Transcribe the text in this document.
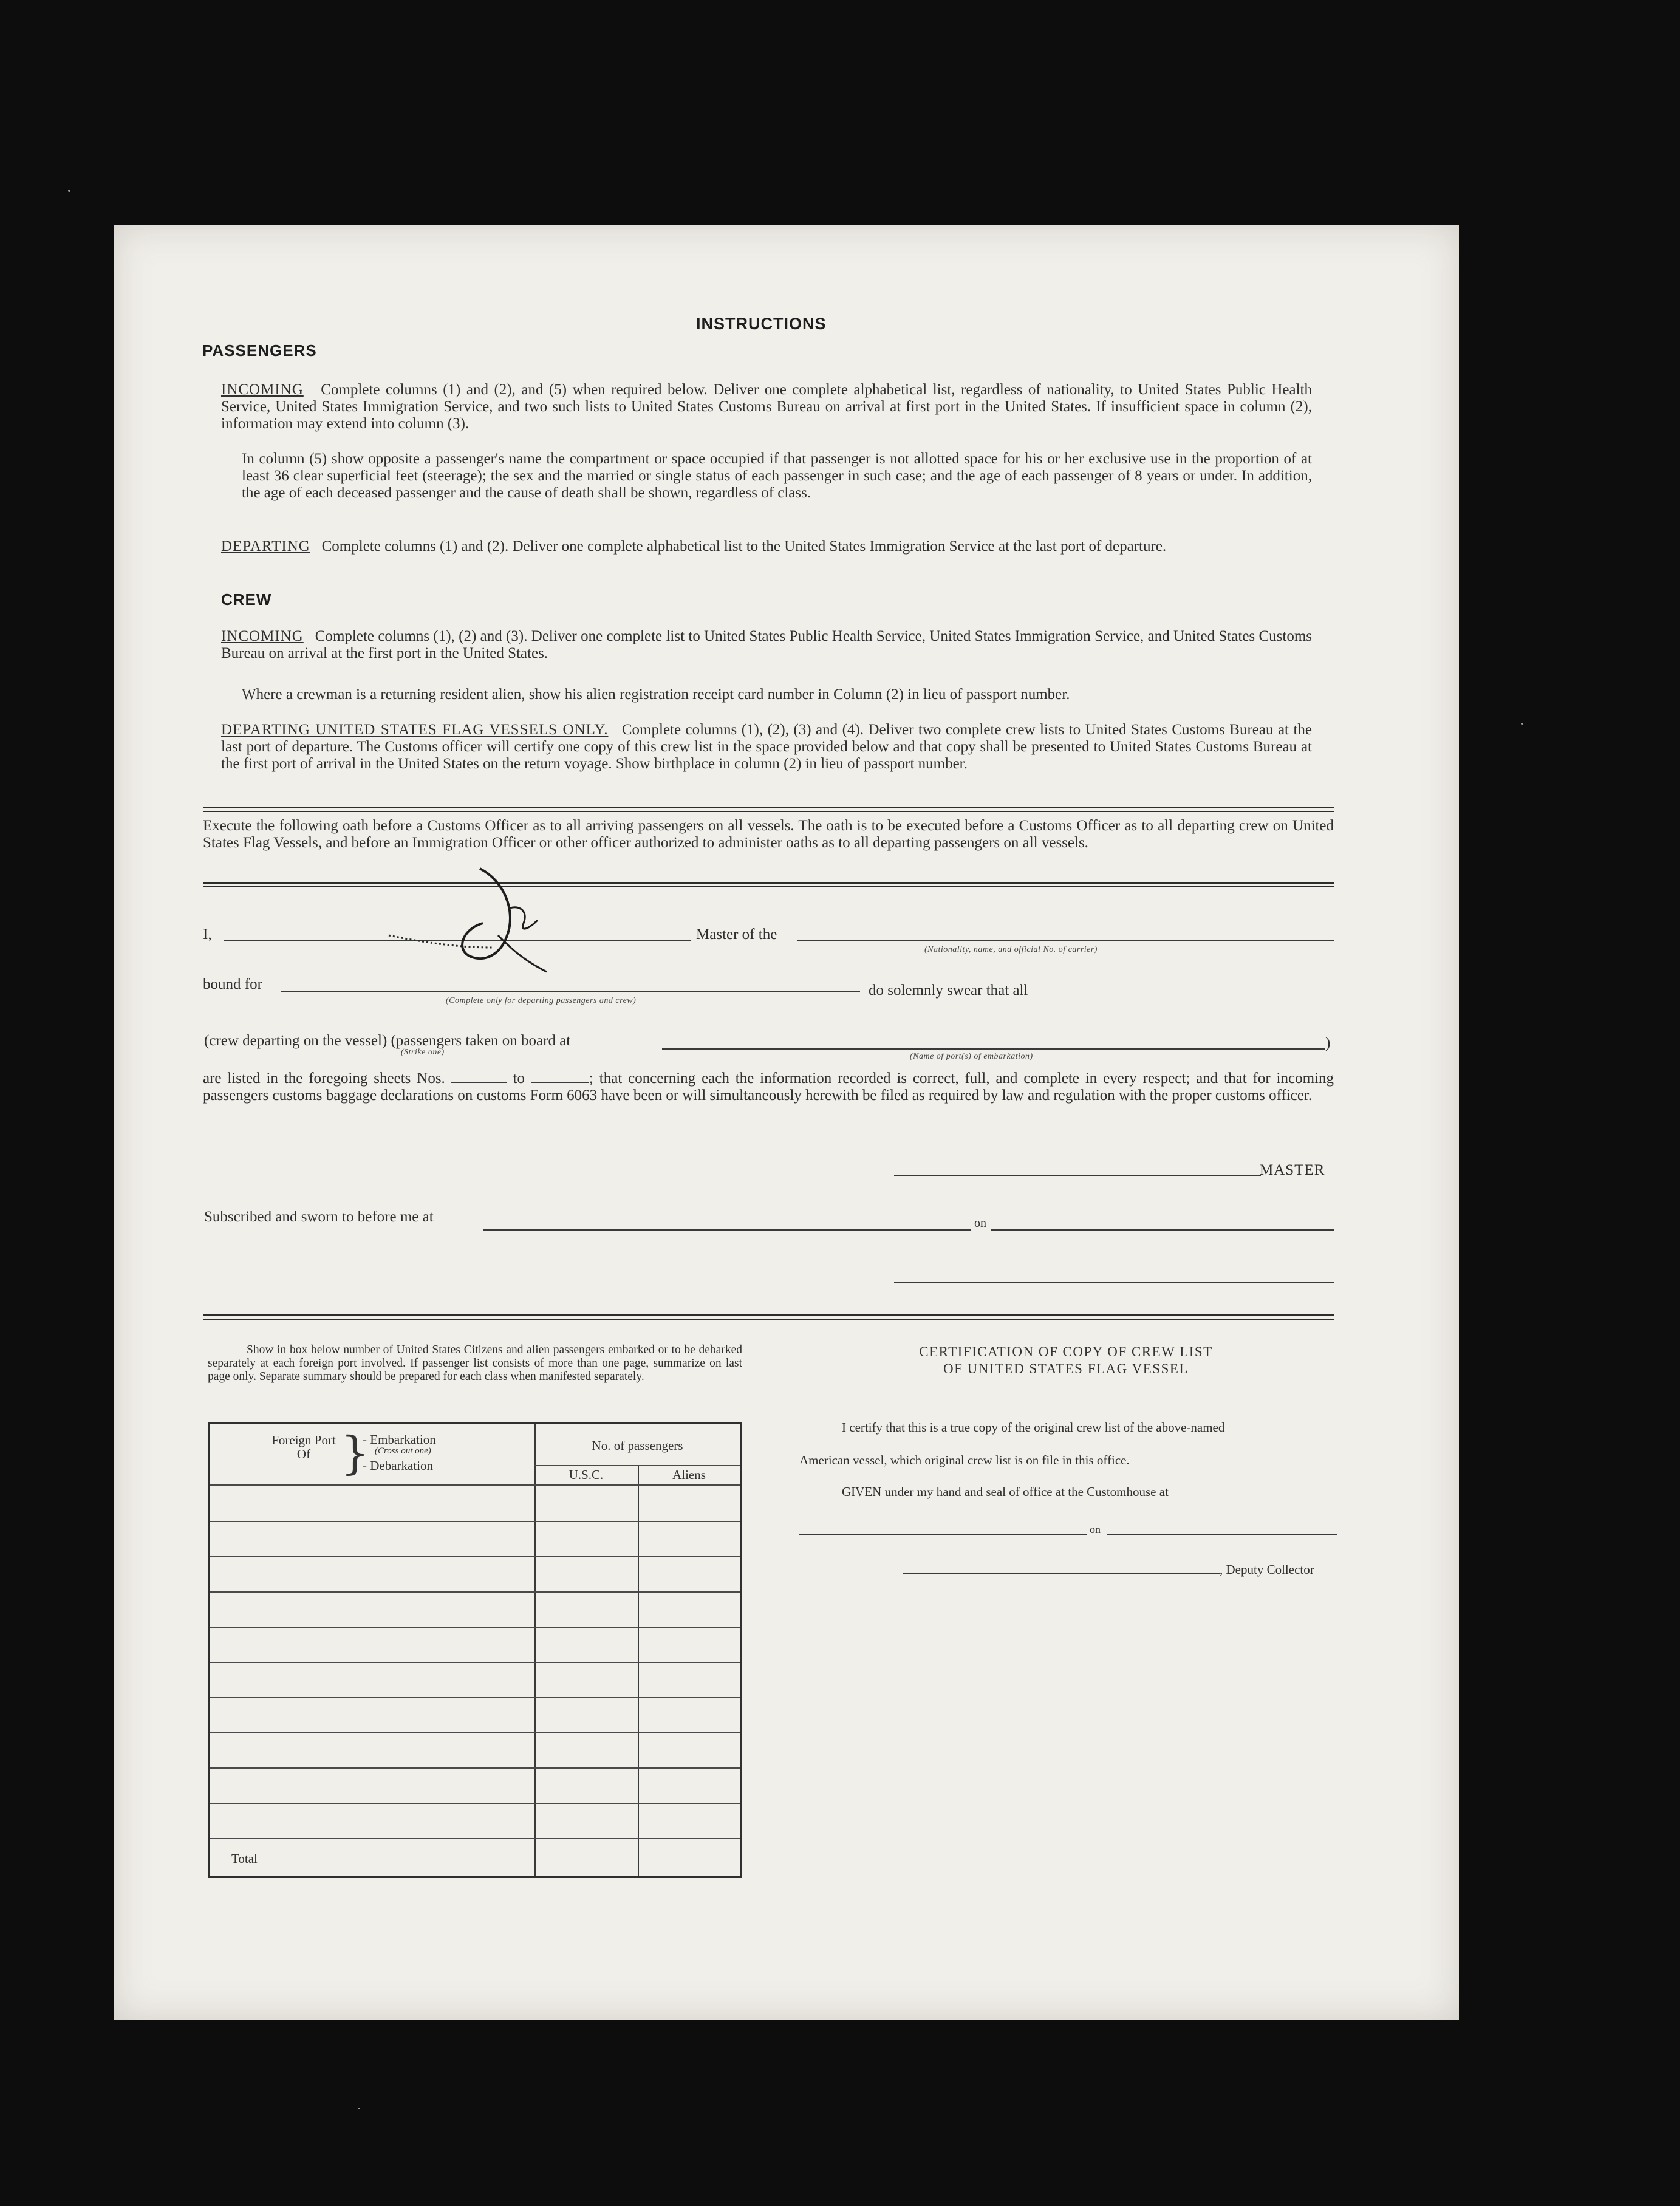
INSTRUCTIONS
PASSENGERS
INCOMING Complete columns (1) and (2), and (5) when required below. Deliver one complete alphabetical list, regardless of nationality, to United States Public Health Service, United States Immigration Service, and two such lists to United States Customs Bureau on arrival at first port in the United States. If insufficient space in column (2), information may extend into column (3).
In column (5) show opposite a passenger's name the compartment or space occupied if that passenger is not allotted space for his or her exclusive use in the proportion of at least 36 clear superficial feet (steerage); the sex and the married or single status of each passenger in such case; and the age of each passenger of 8 years or under. In addition, the age of each deceased passenger and the cause of death shall be shown, regardless of class.
DEPARTING Complete columns (1) and (2). Deliver one complete alphabetical list to the United States Immigration Service at the last port of departure.
CREW
INCOMING Complete columns (1), (2) and (3). Deliver one complete list to United States Public Health Service, United States Immigration Service, and United States Customs Bureau on arrival at the first port in the United States.
Where a crewman is a returning resident alien, show his alien registration receipt card number in Column (2) in lieu of passport number.
DEPARTING UNITED STATES FLAG VESSELS ONLY. Complete columns (1), (2), (3) and (4). Deliver two complete crew lists to United States Customs Bureau at the last port of departure. The Customs officer will certify one copy of this crew list in the space provided below and that copy shall be presented to United States Customs Bureau at the first port of arrival in the United States on the return voyage. Show birthplace in column (2) in lieu of passport number.
Execute the following oath before a Customs Officer as to all arriving passengers on all vessels. The oath is to be executed before a Customs Officer as to all departing crew on United States Flag Vessels, and before an Immigration Officer or other officer authorized to administer oaths as to all departing passengers on all vessels.
I,	Master of the
(Nationality, name, and official No. of carrier)
bound for
(Complete only for departing passengers and crew)
do solemnly swear that all
(crew departing on the vessel) (passengers taken on board at
(Strike one)
)
(Name of port(s) of embarkation)
are listed in the foregoing sheets Nos.	to	; that concerning each the information recorded is correct, full, and complete in every respect; and that for incoming passengers customs baggage declarations on customs Form 6063 have been or will simultaneously herewith be filed as required by law and regulation with the proper customs officer.
MASTER
Subscribed and sworn to before me at	on
Show in box below number of United States Citizens and alien passengers embarked or to be debarked separately at each foreign port involved. If passenger list consists of more than one page, summarize on last page only. Separate summary should be prepared for each class when manifested separately.
Foreign Port Of }
- Embarkation
(Cross out one)
- Debarkation
No. of passengers
U.S.C.	Aliens
Total
CERTIFICATION OF COPY OF CREW LIST
OF UNITED STATES FLAG VESSEL
I certify that this is a true copy of the original crew list of the above-named
American vessel, which original crew list is on file in this office.
GIVEN under my hand and seal of office at the Customhouse at
on
, Deputy Collector
